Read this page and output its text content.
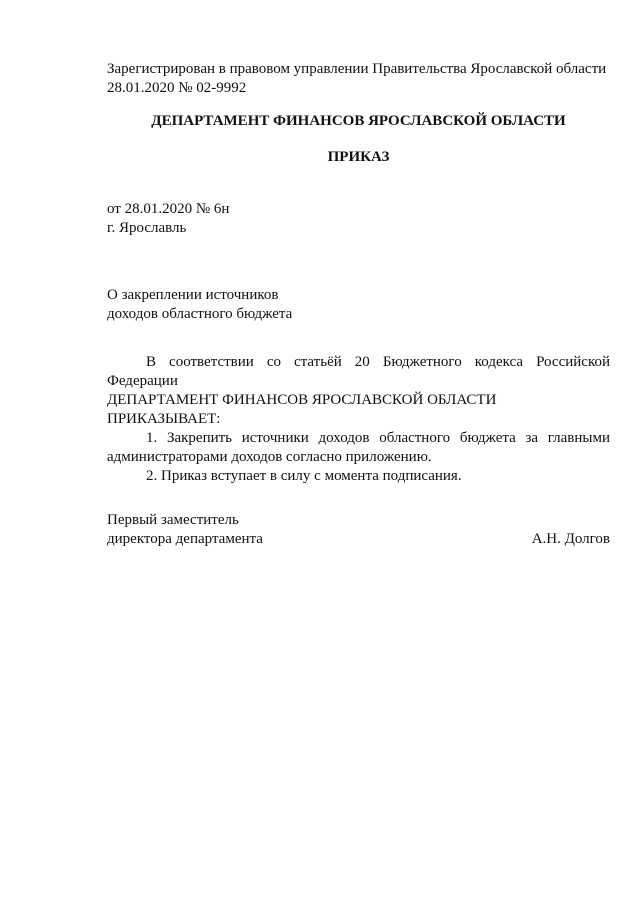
Зарегистрирован в правовом управлении Правительства Ярославской области
28.01.2020 № 02-9992
ДЕПАРТАМЕНТ ФИНАНСОВ ЯРОСЛАВСКОЙ ОБЛАСТИ
ПРИКАЗ
от 28.01.2020 № 6н
г. Ярославль
О закреплении источников
доходов областного бюджета
В соответствии со статьёй 20 Бюджетного кодекса Российской
Федерации
ДЕПАРТАМЕНТ ФИНАНСОВ ЯРОСЛАВСКОЙ ОБЛАСТИ ПРИКАЗЫВАЕТ:
1. Закрепить источники доходов областного бюджета за главными администраторами доходов согласно приложению.
2. Приказ вступает в силу с момента подписания.
Первый заместитель
директора департамента	А.Н. Долгов
